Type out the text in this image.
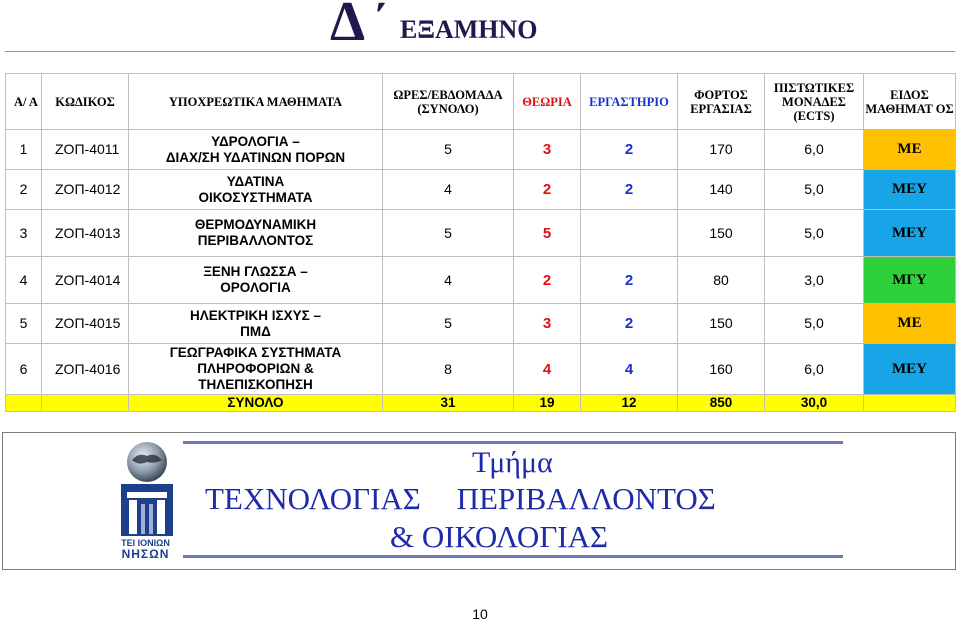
Δ ΄ ΕΞΑΜΗΝΟ
Α/ Α	ΚΩΔΙΚΟΣ	ΥΠΟΧΡΕΩΤΙΚΑ ΜΑΘΗΜΑΤΑ	ΩΡΕΣ/ΕΒΔΟΜΑΔΑ (ΣΥΝΟΛΟ)	ΘΕΩΡΙΑ	ΕΡΓΑΣΤΗΡΙΟ	ΦΟΡΤΟΣ ΕΡΓΑΣΙΑΣ	ΠΙΣΤΩΤΙΚΕΣ ΜΟΝΑΔΕΣ (ECTS)	ΕΙΔΟΣ ΜΑΘΗΜΑΤ ΟΣ
1	ΖΟΠ-4011	ΥΔΡΟΛΟΓΙΑ –
ΔΙΑΧ/ΣΗ ΥΔΑΤΙΝΩΝ ΠΟΡΩΝ	5	3	2	170	6,0	ΜΕ
2	ΖΟΠ-4012	ΥΔΑΤΙΝΑ
ΟΙΚΟΣΥΣΤΗΜΑΤΑ	4	2	2	140	5,0	ΜΕΥ
3	ΖΟΠ-4013	ΘΕΡΜΟΔΥΝΑΜΙΚΗ
ΠΕΡΙΒΑΛΛΟΝΤΟΣ	5	5		150	5,0	ΜΕΥ
4	ΖΟΠ-4014	ΞΕΝΗ ΓΛΩΣΣΑ –
ΟΡΟΛΟΓΙΑ	4	2	2	80	3,0	ΜΓΥ
5	ΖΟΠ-4015	ΗΛΕΚΤΡΙΚΗ ΙΣΧΥΣ –
ΠΜΔ	5	3	2	150	5,0	ΜΕ
6	ΖΟΠ-4016	ΓΕΩΓΡΑΦΙΚΑ ΣΥΣΤΗΜΑΤΑ
ΠΛΗΡΟΦΟΡΙΩΝ &
ΤΗΛΕΠΙΣΚΟΠΗΣΗ	8	4	4	160	6,0	ΜΕΥ
		ΣΥΝΟΛΟ	31	19	12	850	30,0	
ΤΕΙ ΙΟΝΙΩΝ
ΝΗΣΩΝ
Τμήμα
ΤΕΧΝΟΛΟΓΙΑΣ ΠΕΡΙΒΑΛΛΟΝΤΟΣ
& ΟΙΚΟΛΟΓΙΑΣ
10
